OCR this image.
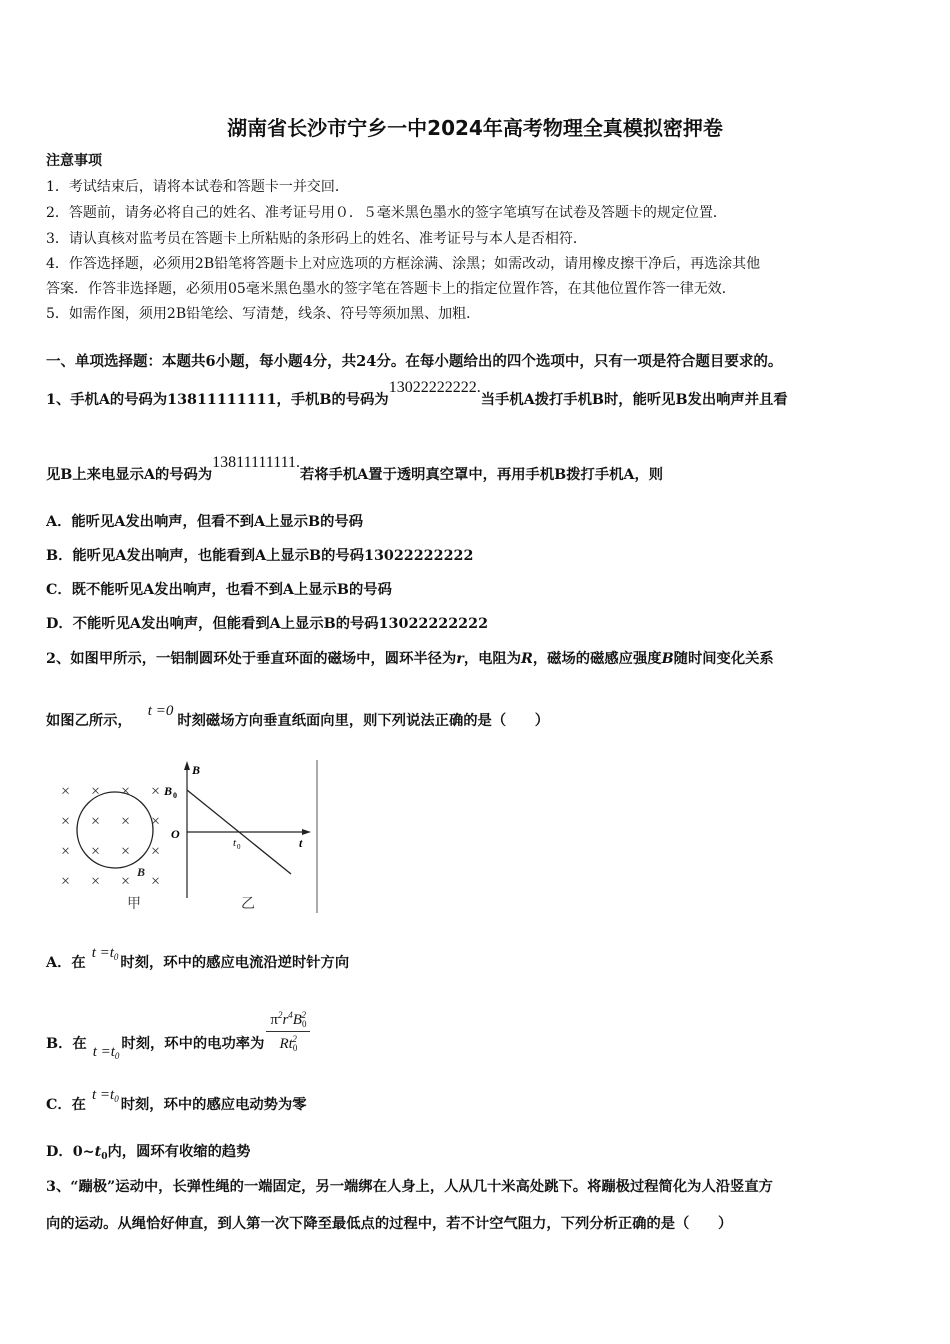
湖南省长沙市宁乡一中2024年高考物理全真模拟密押卷
注意事项
1．考试结束后，请将本试卷和答题卡一并交回．
2．答题前，请务必将自己的姓名、准考证号用０．５毫米黑色墨水的签字笔填写在试卷及答题卡的规定位置．
3．请认真核对监考员在答题卡上所粘贴的条形码上的姓名、准考证号与本人是否相符．
4．作答选择题，必须用2B铅笔将答题卡上对应选项的方框涂满、涂黑；如需改动，请用橡皮擦干净后，再选涂其他
答案．作答非选择题，必须用05毫米黑色墨水的签字笔在答题卡上的指定位置作答，在其他位置作答一律无效．
5．如需作图，须用2B铅笔绘、写清楚，线条、符号等须加黑、加粗．
一、单项选择题：本题共6小题，每小题4分，共24分。在每小题给出的四个选项中，只有一项是符合题目要求的。
1、手机A的号码为13811111111，手机B的号码为13022222222.当手机A拨打手机B时，能听见B发出响声并且看
见B上来电显示A的号码为13811111111.若将手机A置于透明真空罩中，再用手机B拨打手机A，则
A．能听见A发出响声，但看不到A上显示B的号码
B．能听见A发出响声，也能看到A上显示B的号码13022222222
C．既不能听见A发出响声，也看不到A上显示B的号码
D．不能听见A发出响声，但能看到A上显示B的号码13022222222
2、如图甲所示，一铝制圆环处于垂直环面的磁场中，圆环半径为r，电阻为R，磁场的磁感应强度B随时间变化关系
如图乙所示，t =0时刻磁场方向垂直纸面向里，则下列说法正确的是（　　）
× × × ×
× × × ×
× × × ×
× × × ×
B
甲
B
B 0
O
t 0	t
乙
A．在$t =t_0$ 时刻，环中的感应电流沿逆时针方向
B．在 $t =t_0$时刻，环中的电功率为 $\frac{\pi^2r^4B_0^2}{Rt_0^2}$
C．在$t =t_0$ 时刻，环中的感应电动势为零
D．$0\sim t_0$内，圆环有收缩的趋势
3、“蹦极”运动中，长弹性绳的一端固定，另一端绑在人身上，人从几十米高处跳下。将蹦极过程简化为人沿竖直方
向的运动。从绳恰好伸直，到人第一次下降至最低点的过程中，若不计空气阻力，下列分析正确的是（　　）
